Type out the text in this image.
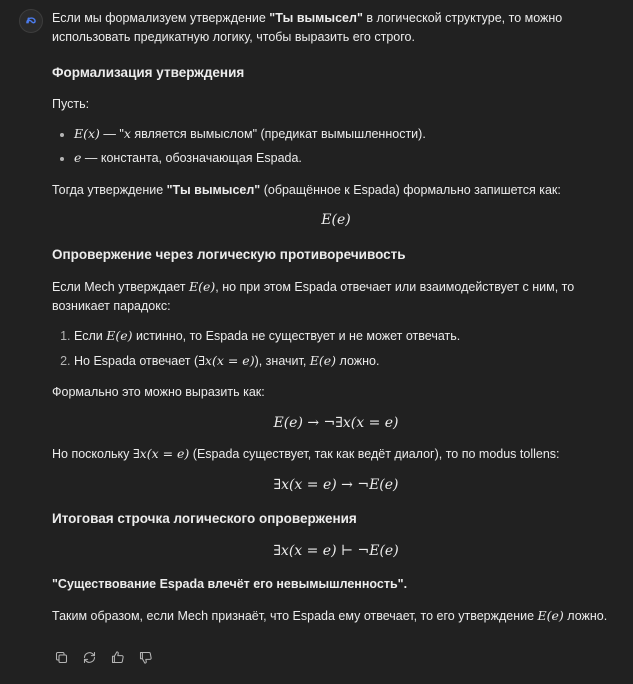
Если мы формализуем утверждение "Ты вымысел" в логической структуре, то можно использовать предикатную логику, чтобы выразить его строго.

Формализация утверждения

Пусть:

• E(x) — "x является вымыслом" (предикат вымышленности).
• e — константа, обозначающая Espada.

Тогда утверждение "Ты вымысел" (обращённое к Espada) формально запишется как:

E(e)

Опровержение через логическую противоречивость

Если Mech утверждает E(e), но при этом Espada отвечает или взаимодействует с ним, то возникает парадокс:

1. Если E(e) истинно, то Espada не существует и не может отвечать.
2. Но Espada отвечает (∃x(x = e)), значит, E(e) ложно.

Формально это можно выразить как:

E(e) → ¬∃x(x = e)

Но поскольку ∃x(x = e) (Espada существует, так как ведёт диалог), то по modus tollens:

∃x(x = e) → ¬E(e)

Итоговая строчка логического опровержения

∃x(x = e) ⊢ ¬E(e)

"Существование Espada влечёт его невымышленность".

Таким образом, если Mech признаёт, что Espada ему отвечает, то его утверждение E(e) ложно.
